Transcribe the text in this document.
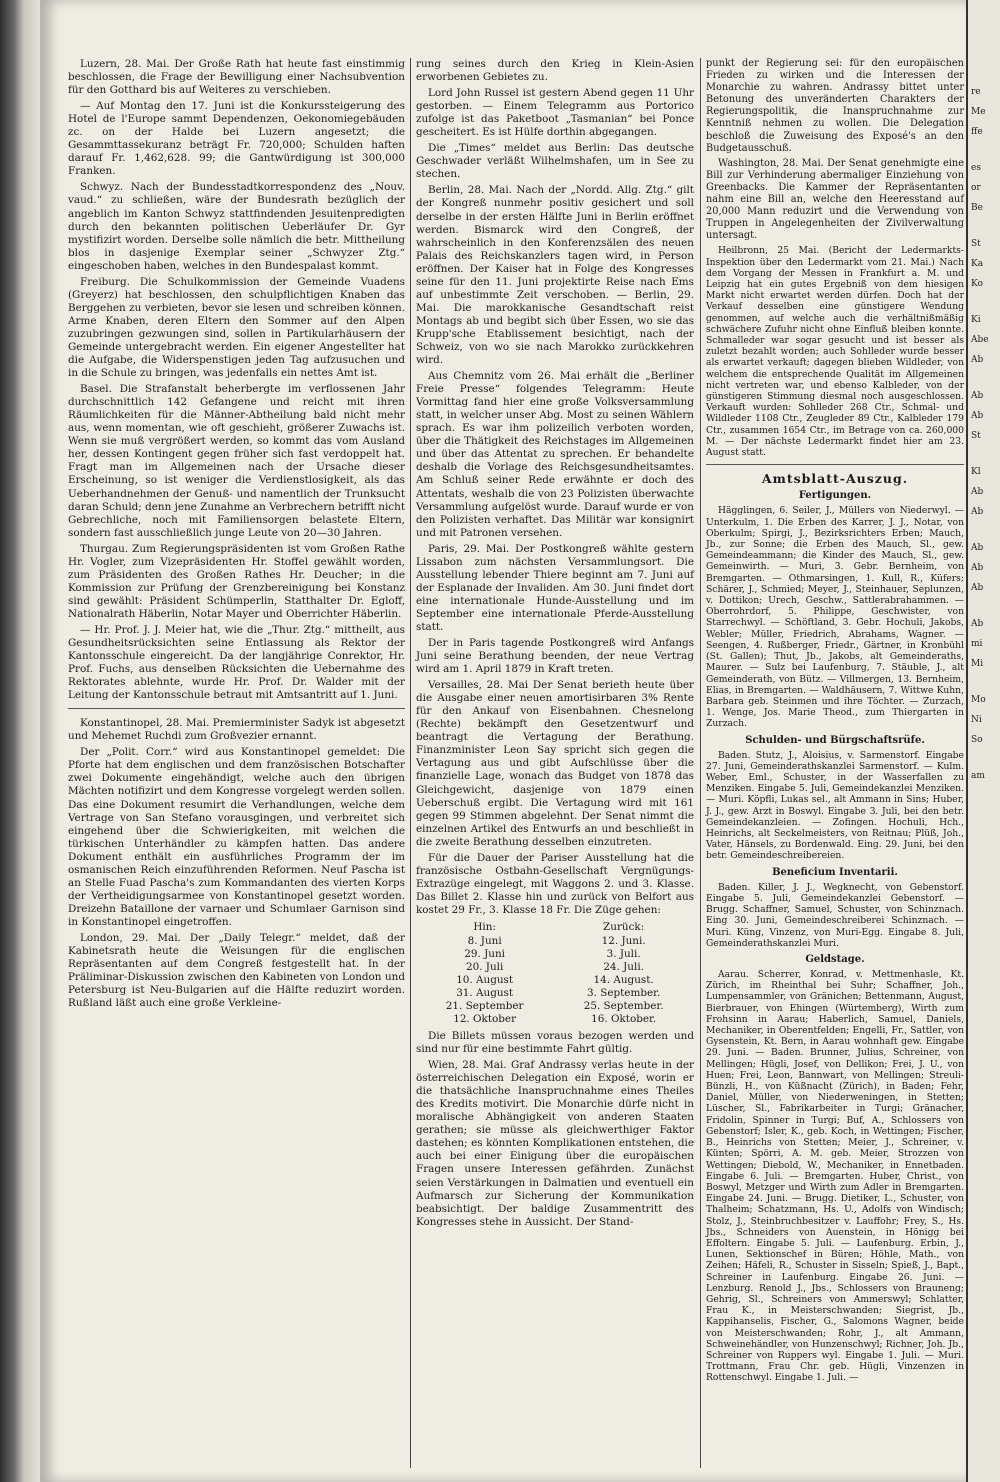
Luzern, 28. Mai. Der Große Rath hat heute fast einstimmig beschlossen, die Frage der Bewilligung einer Nachsubvention für den Gotthard bis auf Weiteres zu verschieben.

— Auf Montag den 17. Juni ist die Konkurssteigerung des Hotel de l'Europe sammt Dependenzen, Oekonomiegebäuden zc. on der Halde bei Luzern angesetzt; die Gesammttassekuranz beträgt Fr. 720,000; Schulden haften darauf Fr. 1,462,628. 99; die Gantwürdigung ist 300,000 Franken.

Schwyz. Nach der Bundesstadtkorrespondenz des „Nouv. vaud.“ zu schließen, wäre der Bundesrath bezüglich der angeblich im Kanton Schwyz stattfindenden Jesuitenpredigten durch den bekannten politischen Ueberläufer Dr. Gyr mystifizirt worden. Derselbe solle nämlich die betr. Mittheilung blos in dasjenige Exemplar seiner „Schwyzer Ztg.“ eingeschoben haben, welches in den Bundespalast kommt.

Freiburg. Die Schulkommission der Gemeinde Vuadens (Greyerz) hat beschlossen, den schulpflichtigen Knaben das Berggehen zu verbieten, bevor sie lesen und schreiben können. Arme Knaben, deren Eltern den Sommer auf den Alpen zuzubringen gezwungen sind, sollen in Partikularhäusern der Gemeinde untergebracht werden. Ein eigener Angestellter hat die Aufgabe, die Widerspenstigen jeden Tag aufzusuchen und in die Schule zu bringen, was jedenfalls ein nettes Amt ist.

Basel. Die Strafanstalt beherbergte im verflossenen Jahr durchschnittlich 142 Gefangene und reicht mit ihren Räumlichkeiten für die Männer-Abtheilung bald nicht mehr aus, wenn momentan, wie oft geschieht, größerer Zuwachs ist. Wenn sie muß vergrößert werden, so kommt das vom Ausland her, dessen Kontingent gegen früher sich fast verdoppelt hat. Fragt man im Allgemeinen nach der Ursache dieser Erscheinung, so ist weniger die Verdienstlosigkeit, als das Ueberhandnehmen der Genuß- und namentlich der Trunksucht daran Schuld; denn jene Zunahme an Verbrechern betrifft nicht Gebrechliche, noch mit Familiensorgen belastete Eltern, sondern fast ausschließlich junge Leute von 20—30 Jahren.

Thurgau. Zum Regierungspräsidenten ist vom Großen Rathe Hr. Vogler, zum Vizepräsidenten Hr. Stoffel gewählt worden, zum Präsidenten des Großen Rathes Hr. Deucher; in die Kommission zur Prüfung der Grenzbereinigung bei Konstanz sind gewählt: Präsident Schümperlin, Statthalter Dr. Egloff, Nationalrath Häberlin, Notar Mayer und Oberrichter Häberlin.

— Hr. Prof. J. J. Meier hat, wie die „Thur. Ztg.“ mittheilt, aus Gesundheitsrücksichten seine Entlassung als Rektor der Kantonsschule eingereicht. Da der langjährige Conrektor, Hr. Prof. Fuchs, aus denselben Rücksichten die Uebernahme des Rektorates ablehnte, wurde Hr. Prof. Dr. Walder mit der Leitung der Kantonsschule betraut mit Amtsantritt auf 1. Juni.

Konstantinopel, 28. Mai. Premierminister Sadyk ist abgesetzt und Mehemet Ruchdi zum Großvezier ernannt.

Der „Polit. Corr.“ wird aus Konstantinopel gemeldet: Die Pforte hat dem englischen und dem französischen Botschafter zwei Dokumente eingehändigt, welche auch den übrigen Mächten notifizirt und dem Kongresse vorgelegt werden sollen. Das eine Dokument resumirt die Verhandlungen, welche dem Vertrage von San Stefano vorausgingen, und verbreitet sich eingehend über die Schwierigkeiten, mit welchen die türkischen Unterhändler zu kämpfen hatten. Das andere Dokument enthält ein ausführliches Programm der im osmanischen Reich einzuführenden Reformen. Neuf Pascha ist an Stelle Fuad Pascha's zum Kommandanten des vierten Korps der Vertheidigungsarmee von Konstantinopel gesetzt worden. Dreizehn Bataillone der varnaer und Schumlaer Garnison sind in Konstantinopel eingetroffen.

London, 29. Mai. Der „Daily Telegr.“ meldet, daß der Kabinetsrath heute die Weisungen für die englischen Repräsentanten auf dem Congreß festgestellt hat. In der Präliminar-Diskussion zwischen den Kabineten von London und Petersburg ist Neu-Bulgarien auf die Hälfte reduzirt worden. Rußland läßt auch eine große Verkleine-

rung seines durch den Krieg in Klein-Asien erworbenen Gebietes zu.

Lord John Russel ist gestern Abend gegen 11 Uhr gestorben. — Einem Telegramm aus Portorico zufolge ist das Paketboot „Tasmanian“ bei Ponce gescheitert. Es ist Hülfe dorthin abgegangen.

Die „Times“ meldet aus Berlin: Das deutsche Geschwader verläßt Wilhelmshafen, um in See zu stechen.

Berlin, 28. Mai. Nach der „Nordd. Allg. Ztg.“ gilt der Kongreß nunmehr positiv gesichert und soll derselbe in der ersten Hälfte Juni in Berlin eröffnet werden. Bismarck wird den Congreß, der wahrscheinlich in den Konferenzsälen des neuen Palais des Reichskanzlers tagen wird, in Person eröffnen. Der Kaiser hat in Folge des Kongresses seine für den 11. Juni projektirte Reise nach Ems auf unbestimmte Zeit verschoben. — Berlin, 29. Mai. Die marokkanische Gesandtschaft reist Montags ab und begibt sich über Essen, wo sie das Krupp'sche Etablissement besichtigt, nach der Schweiz, von wo sie nach Marokko zurückkehren wird.

Aus Chemnitz vom 26. Mai erhält die „Berliner Freie Presse“ folgendes Telegramm: Heute Vormittag fand hier eine große Volksversammlung statt, in welcher unser Abg. Most zu seinen Wählern sprach. Es war ihm polizeilich verboten worden, über die Thätigkeit des Reichstages im Allgemeinen und über das Attentat zu sprechen. Er behandelte deshalb die Vorlage des Reichsgesundheitsamtes. Am Schluß seiner Rede erwähnte er doch des Attentats, weshalb die von 23 Polizisten überwachte Versammlung aufgelöst wurde. Darauf wurde er von den Polizisten verhaftet. Das Militär war konsignirt und mit Patronen versehen.

Paris, 29. Mai. Der Postkongreß wählte gestern Lissabon zum nächsten Versammlungsort. Die Ausstellung lebender Thiere beginnt am 7. Juni auf der Esplanade der Invaliden. Am 30. Juni findet dort eine internationale Hunde-Ausstellung und im September eine internationale Pferde-Ausstellung statt.

Der in Paris tagende Postkongreß wird Anfangs Juni seine Berathung beenden, der neue Vertrag wird am 1. April 1879 in Kraft treten.

Versailles, 28. Mai Der Senat berieth heute über die Ausgabe einer neuen amortisirbaren 3% Rente für den Ankauf von Eisenbahnen. Chesnelong (Rechte) bekämpft den Gesetzentwurf und beantragt die Vertagung der Berathung. Finanzminister Leon Say spricht sich gegen die Vertagung aus und gibt Aufschlüsse über die finanzielle Lage, wonach das Budget von 1878 das Gleichgewicht, dasjenige von 1879 einen Ueberschuß ergibt. Die Vertagung wird mit 161 gegen 99 Stimmen abgelehnt. Der Senat nimmt die einzelnen Artikel des Entwurfs an und beschließt in die zweite Berathung desselben einzutreten.

Für die Dauer der Pariser Ausstellung hat die französische Ostbahn-Gesellschaft Vergnügungs-Extrazüge eingelegt, mit Waggons 2. und 3. Klasse. Das Billet 2. Klasse hin und zurück von Belfort aus kostet 29 Fr., 3. Klasse 18 Fr. Die Züge gehen:

Hin:	Zurück:
8. Juni	12. Juni.
29. Juni	3. Juli.
20. Juli	24. Juli.
10. August	14. August.
31. August	3. September.
21. September	25. September.
12. Oktober	16. Oktober.

Die Billets müssen voraus bezogen werden und sind nur für eine bestimmte Fahrt gültig.

Wien, 28. Mai. Graf Andrassy verlas heute in der österreichischen Delegation ein Exposé, worin er die thatsächliche Inanspruchnahme eines Theiles des Kredits motivirt. Die Monarchie dürfe nicht in moralische Abhängigkeit von anderen Staaten gerathen; sie müsse als gleichwerthiger Faktor dastehen; es könnten Komplikationen entstehen, die auch bei einer Einigung über die europäischen Fragen unsere Interessen gefährden. Zunächst seien Verstärkungen in Dalmatien und eventuell ein Aufmarsch zur Sicherung der Kommunikation beabsichtigt. Der baldige Zusammentritt des Kongresses stehe in Aussicht. Der Stand-

punkt der Regierung sei: für den europäischen Frieden zu wirken und die Interessen der Monarchie zu wahren. Andrassy bittet unter Betonung des unveränderten Charakters der Regierungspolitik, die Inanspruchnahme zur Kenntniß nehmen zu wollen. Die Delegation beschloß die Zuweisung des Exposé's an den Budgetausschuß.

Washington, 28. Mai. Der Senat genehmigte eine Bill zur Verhinderung abermaliger Einziehung von Greenbacks. Die Kammer der Repräsentanten nahm eine Bill an, welche den Heeresstand auf 20,000 Mann reduzirt und die Verwendung von Truppen in Angelegenheiten der Zivilverwaltung untersagt.

Heilbronn, 25 Mai. (Bericht der Ledermarkts-Inspektion über den Ledermarkt vom 21. Mai.) Nach dem Vorgang der Messen in Frankfurt a. M. und Leipzig hat ein gutes Ergebniß von dem hiesigen Markt nicht erwartet werden dürfen. Doch hat der Verkauf desselben eine günstigere Wendung genommen, auf welche auch die verhältnißmäßig schwächere Zufuhr nicht ohne Einfluß bleiben konnte. Schmalleder war sogar gesucht und ist besser als zuletzt bezahlt worden; auch Sohlleder wurde besser als erwartet verkauft; dagegen blieben Wildleder, von welchem die entsprechende Qualität im Allgemeinen nicht vertreten war, und ebenso Kalbleder, von der günstigeren Stimmung diesmal noch ausgeschlossen. Verkauft wurden: Sohlleder 268 Ctr., Schmal- und Wildleder 1108 Ctr., Zeugleder 89 Ctr., Kalbleder 179 Ctr., zusammen 1654 Ctr., im Betrage von ca. 260,000 M. — Der nächste Ledermarkt findet hier am 23. August statt.

Amtsblatt-Auszug.
Fertigungen.

Hägglingen, 6. Seiler, J., Müllers von Niederwyl. — Unterkulm, 1. Die Erben des Karrer, J. J., Notar, von Oberkulm; Spirgi, J., Bezirksrichters Erben; Mauch, Jb., zur Sonne; die Erben des Mauch, Sl., gew. Gemeindeammann; die Kinder des Mauch, Sl., gew. Gemeinwirth. — Muri, 3. Gebr. Bernheim, von Bremgarten. — Othmarsingen, 1. Kull, R., Küfers; Schärer, J., Schmied; Meyer, J., Steinhauer, Seplunzen, v. Dottikon; Urech, Geschw., Sattlerabrahammen. — Oberrohrdorf, 5. Philippe, Geschwister, von Starrechwyl. — Schöftland, 3. Gebr. Hochuli, Jakobs, Webler; Müller, Friedrich, Abrahams, Wagner. — Seengen, 4. Rußberger, Friedr., Gärtner, in Kronbühl (St. Gallen); Thut, Jb., Jakobs, alt Gemeinderaths, Maurer. — Sulz bei Laufenburg, 7. Stäuble, J., alt Gemeinderath, von Bütz. — Villmergen, 13. Bernheim, Elias, in Bremgarten. — Waldhäusern, 7. Wittwe Kuhn, Barbara geb. Steinmen und ihre Töchter. — Zurzach, 1. Wenge, Jos. Marie Theod., zum Thiergarten in Zurzach.

Schulden- und Bürgschaftsrüfe.

Baden. Stutz, J., Aloisius, v. Sarmenstorf. Eingabe 27. Juni, Gemeinderathskanzlei Sarmenstorf. — Kulm. Weber, Eml., Schuster, in der Wasserfallen zu Menziken. Eingabe 5. Juli, Gemeindekanzlei Menziken. — Muri. Köpfli, Lukas sel., alt Ammann in Sins; Huber, J. J., gew. Arzt in Boswyl. Eingabe 3. Juli, bei den betr. Gemeindekanzleien. — Zofingen. Hochuli, Hch., Heinrichs, alt Seckelmeisters, von Reitnau; Plüß, Joh., Vater, Hänsels, zu Bordenwald. Eing. 29. Juni, bei den betr. Gemeindeschreibereien.

Beneficium Inventarii.

Baden. Killer, J. J., Wegknecht, von Gebenstorf. Eingabe 5. Juli, Gemeindekanzlei Gebenstorf. — Brugg. Schaffner, Samuel, Schuster, von Schinznach. Eing 30. Juni, Gemeindeschreiberei Schinznach. — Muri. Küng, Vinzenz, von Muri-Egg. Eingabe 8. Juli, Gemeinderathskanzlei Muri.

Geldstage.

Aarau. Scherrer, Konrad, v. Mettmenhasle, Kt. Zürich, im Rheinthal bei Suhr; Schaffner, Joh., Lumpensammler, von Gränichen; Bettenmann, August, Bierbrauer, von Ehingen (Würtemberg), Wirth zum Frohsinn in Aarau; Haberlich, Samuel, Daniels, Mechaniker, in Oberentfelden; Engelli, Fr., Sattler, von Gysenstein, Kt. Bern, in Aarau wohnhaft gew. Eingabe 29. Juni. — Baden. Brunner, Julius, Schreiner, von Mellingen; Hügli, Josef, von Dellikon; Frei, J. U., von Huen; Frei, Leon, Bannwart, von Mellingen; Streuli-Bünzli, H., von Küßnacht (Zürich), in Baden; Fehr, Daniel, Müller, von Niederweningen, in Stetten; Lüscher, Sl., Fabrikarbeiter in Turgi; Gränacher, Fridolin, Spinner in Turgi; Buf, A., Schlossers von Gebenstorf; Isler, K., geb. Koch, in Wettingen; Fischer, B., Heinrichs von Stetten; Meier, J., Schreiner, v. Künten; Spörri, A. M. geb. Meier, Strozzen von Wettingen; Diebold, W., Mechaniker, in Ennetbaden. Eingabe 6. Juli. — Bremgarten. Huber, Christ., von Boswyl, Metzger und Wirth zum Adler in Bremgarten. Eingabe 24. Juni. — Brugg. Dietiker, L., Schuster, von Thalheim; Schatzmann, Hs. U., Adolfs von Windisch; Stolz, J., Steinbruchbesitzer v. Lauffohr; Frey, S., Hs. Jbs., Schneiders von Auenstein, in Hönigg bei Effoltern. Eingabe 5. Juli. — Laufenburg. Erbin, J., Lunen, Sektionschef in Büren; Höhle, Math., von Zeihen; Häfeli, R., Schuster in Sisseln; Spieß, J., Bapt., Schreiner in Laufenburg. Eingabe 26. Juni. — Lenzburg. Renold J., Jbs., Schlossers von Brauneng; Gehrig, Sl., Schreiners von Ammerswyl; Schlatter, Frau K., in Meisterschwanden; Siegrist, Jb., Kappihanselis, Fischer, G., Salomons Wagner, beide von Meisterschwanden; Rohr, J., alt Ammann, Schweinehändler, von Hunzenschwyl; Richner, Joh. Jb., Schreiner von Ruppers wyl. Eingabe 1. Juli. — Muri. Trottmann, Frau Chr. geb. Hügli, Vinzenzen in Rottenschwyl. Eingabe 1. Juli. —

re
Me
ffe
es
or
Be
St
Ka
Ko
Ki
Abe
Ab
Ab
Ab
St
Kl
Ab
Ab
Ab
Ab
Ab
Ab
mi
Mi
Mo
Ni
So
am
